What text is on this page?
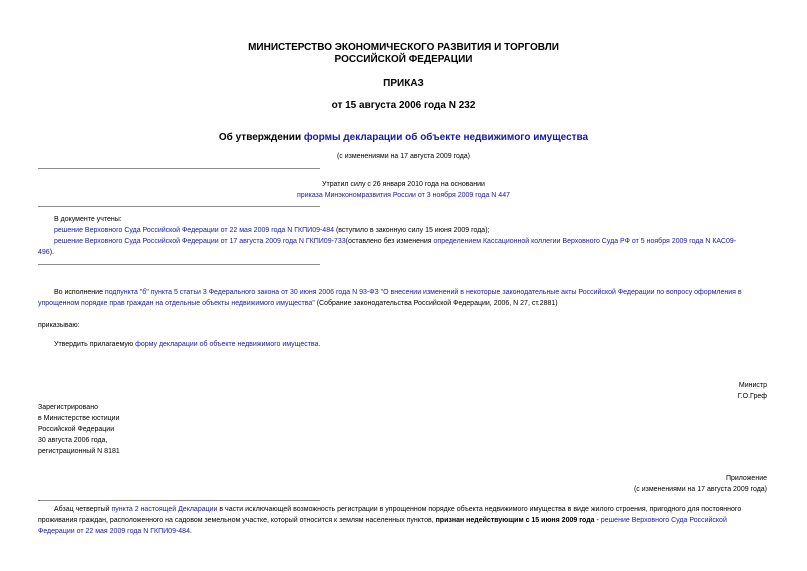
МИНИСТЕРСТВО ЭКОНОМИЧЕСКОГО РАЗВИТИЯ И ТОРГОВЛИ
РОССИЙСКОЙ ФЕДЕРАЦИИ
ПРИКАЗ
от 15 августа 2006 года N 232
Об утверждении формы декларации об объекте недвижимого имущества
(с изменениями на 17 августа 2009 года)
Утратил силу с 26 января 2010 года на основании
приказа Минэкономразвития России от 3 ноября 2009 года N 447
В документе учтены:
решение Верховного Суда Российской Федерации от 22 мая 2009 года N ГКПИ09-484 (вступило в законную силу 15 июня 2009 года);
решение Верховного Суда Российской Федерации от 17 августа 2009 года N ГКПИ09-733(оставлено без изменения определением Кассационной коллегии Верховного Суда РФ от 5 ноября 2009 года N КАС09-
496).
Во исполнение подпункта "б" пункта 5 статьи 3 Федерального закона от 30 июня 2006 года N 93-ФЗ "О внесении изменений в некоторые законодательные акты Российской Федерации по вопросу оформления в
упрощенном порядке прав граждан на отдельные объекты недвижимого имущества" (Собрание законодательства Российской Федерации, 2006, N 27, ст.2881)
приказываю:
Утвердить прилагаемую форму декларации об объекте недвижимого имущества.
Министр
Г.О.Греф
Зарегистрировано
в Министерстве юстиции
Российской Федерации
30 августа 2006 года,
регистрационный N 8181
Приложение
(с изменениями на 17 августа 2009 года)
Абзац четвертый пункта 2 настоящей Декларации в части исключающей возможность регистрации в упрощенном порядке объекта недвижимого имущества в виде жилого строения, пригодного для постоянного
проживания граждан, расположенного на садовом земельном участке, который относится к землям населенных пунктов, признан недействующим с 15 июня 2009 года - решение Верховного Суда Российской
Федерации от 22 мая 2009 года N ГКПИ09-484.
